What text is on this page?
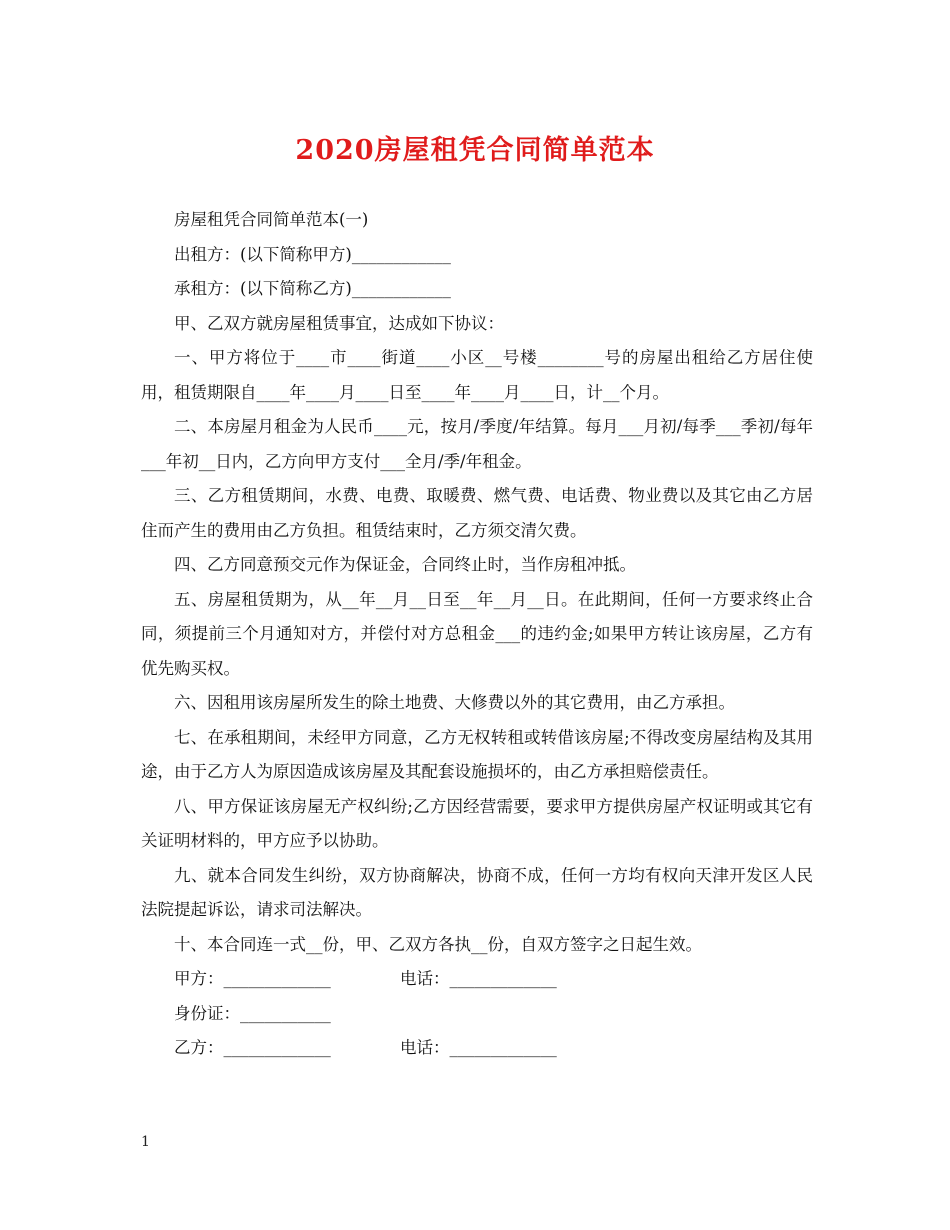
2020房屋租凭合同简单范本

房屋租凭合同简单范本(一)

出租方：(以下简称甲方)____________

承租方：(以下简称乙方)____________

甲、乙双方就房屋租赁事宜，达成如下协议：

一、甲方将位于____市____街道____小区__号楼________号的房屋出租给乙方居住使用，租赁期限自____年____月____日至____年____月____日，计__个月。

二、本房屋月租金为人民币____元，按月/季度/年结算。每月___月初/每季___季初/每年___年初__日内，乙方向甲方支付___全月/季/年租金。

三、乙方租赁期间，水费、电费、取暖费、燃气费、电话费、物业费以及其它由乙方居住而产生的费用由乙方负担。租赁结束时，乙方须交清欠费。

四、乙方同意预交元作为保证金，合同终止时，当作房租冲抵。

五、房屋租赁期为，从__年__月__日至__年__月__日。在此期间，任何一方要求终止合同，须提前三个月通知对方，并偿付对方总租金___的违约金;如果甲方转让该房屋，乙方有优先购买权。

六、因租用该房屋所发生的除土地费、大修费以外的其它费用，由乙方承担。

七、在承租期间，未经甲方同意，乙方无权转租或转借该房屋;不得改变房屋结构及其用途，由于乙方人为原因造成该房屋及其配套设施损坏的，由乙方承担赔偿责任。

八、甲方保证该房屋无产权纠纷;乙方因经营需要，要求甲方提供房屋产权证明或其它有关证明材料的，甲方应予以协助。

九、就本合同发生纠纷，双方协商解决，协商不成，任何一方均有权向天津开发区人民法院提起诉讼，请求司法解决。

十、本合同连一式__份，甲、乙双方各执__份，自双方签字之日起生效。

甲方：_____________	电话：_____________
身份证：___________
乙方：_____________	电话：_____________
1
